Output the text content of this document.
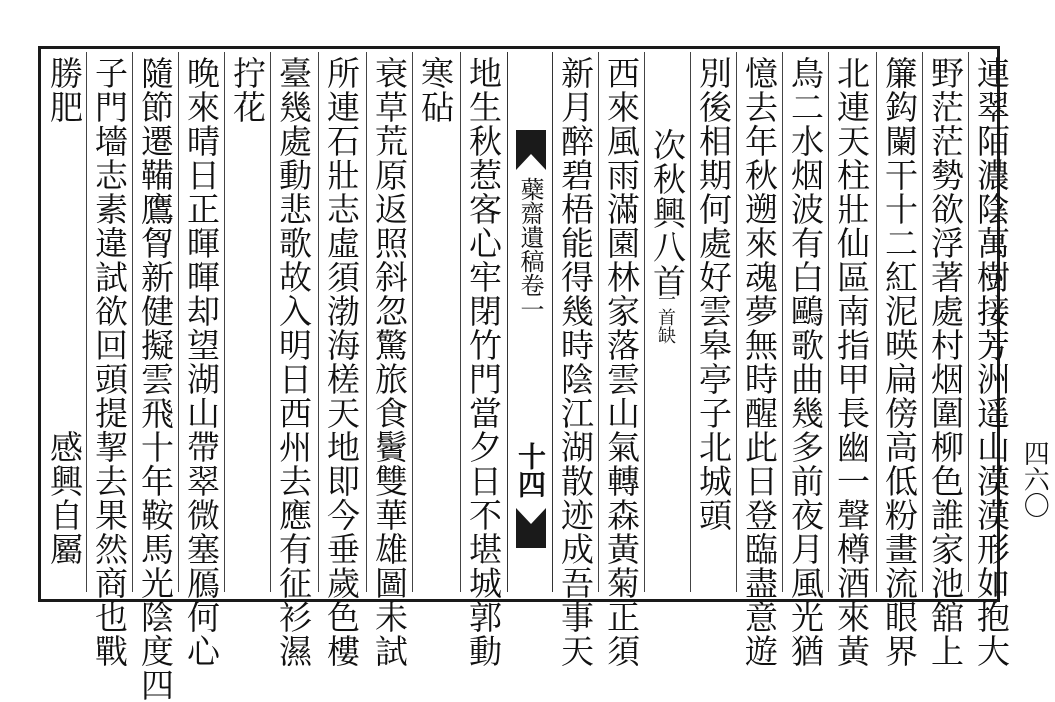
連翠陌濃陰萬樹接芳洲遥山漠漠形如抱大
野茫茫勢欲浮著處村烟圍柳色誰家池舘上
簾鈎闌干十二紅泥暎扁傍高低粉畫流眼界
北連天柱壯仙區南指甲長幽一聲樽酒來黃
鳥二水烟波有白鷗歌曲幾多前夜月風光猶
憶去年秋遡來魂夢無時醒此日登臨盡意遊
別後相期何處好雲皋亭子北城頭
次秋興八首
一首缺
西來風雨滿園林家落雲山氣轉森黃菊正須
新月醉碧梧能得幾時陰江湖散迹成吾事天
蘗齋遺稿卷一
十四
地生秋惹客心牢閉竹門當夕日不堪城郭動
寒砧
衰草荒原返照斜忽驚旅食鬢雙華雄圖未試
所連石壯志虛須渤海槎天地即今垂歲色樓
臺幾處動悲歌故入明日西州去應有征衫濕
拧花
晚來晴日正暉暉却望湖山帶翠微塞鴈何心
隨節遷鞴鷹胷新健擬雲飛十年鞍馬光陰度四
子門墻志素違試欲回頭提挈去果然商也戰
勝肥
感興自屬	四六〇
